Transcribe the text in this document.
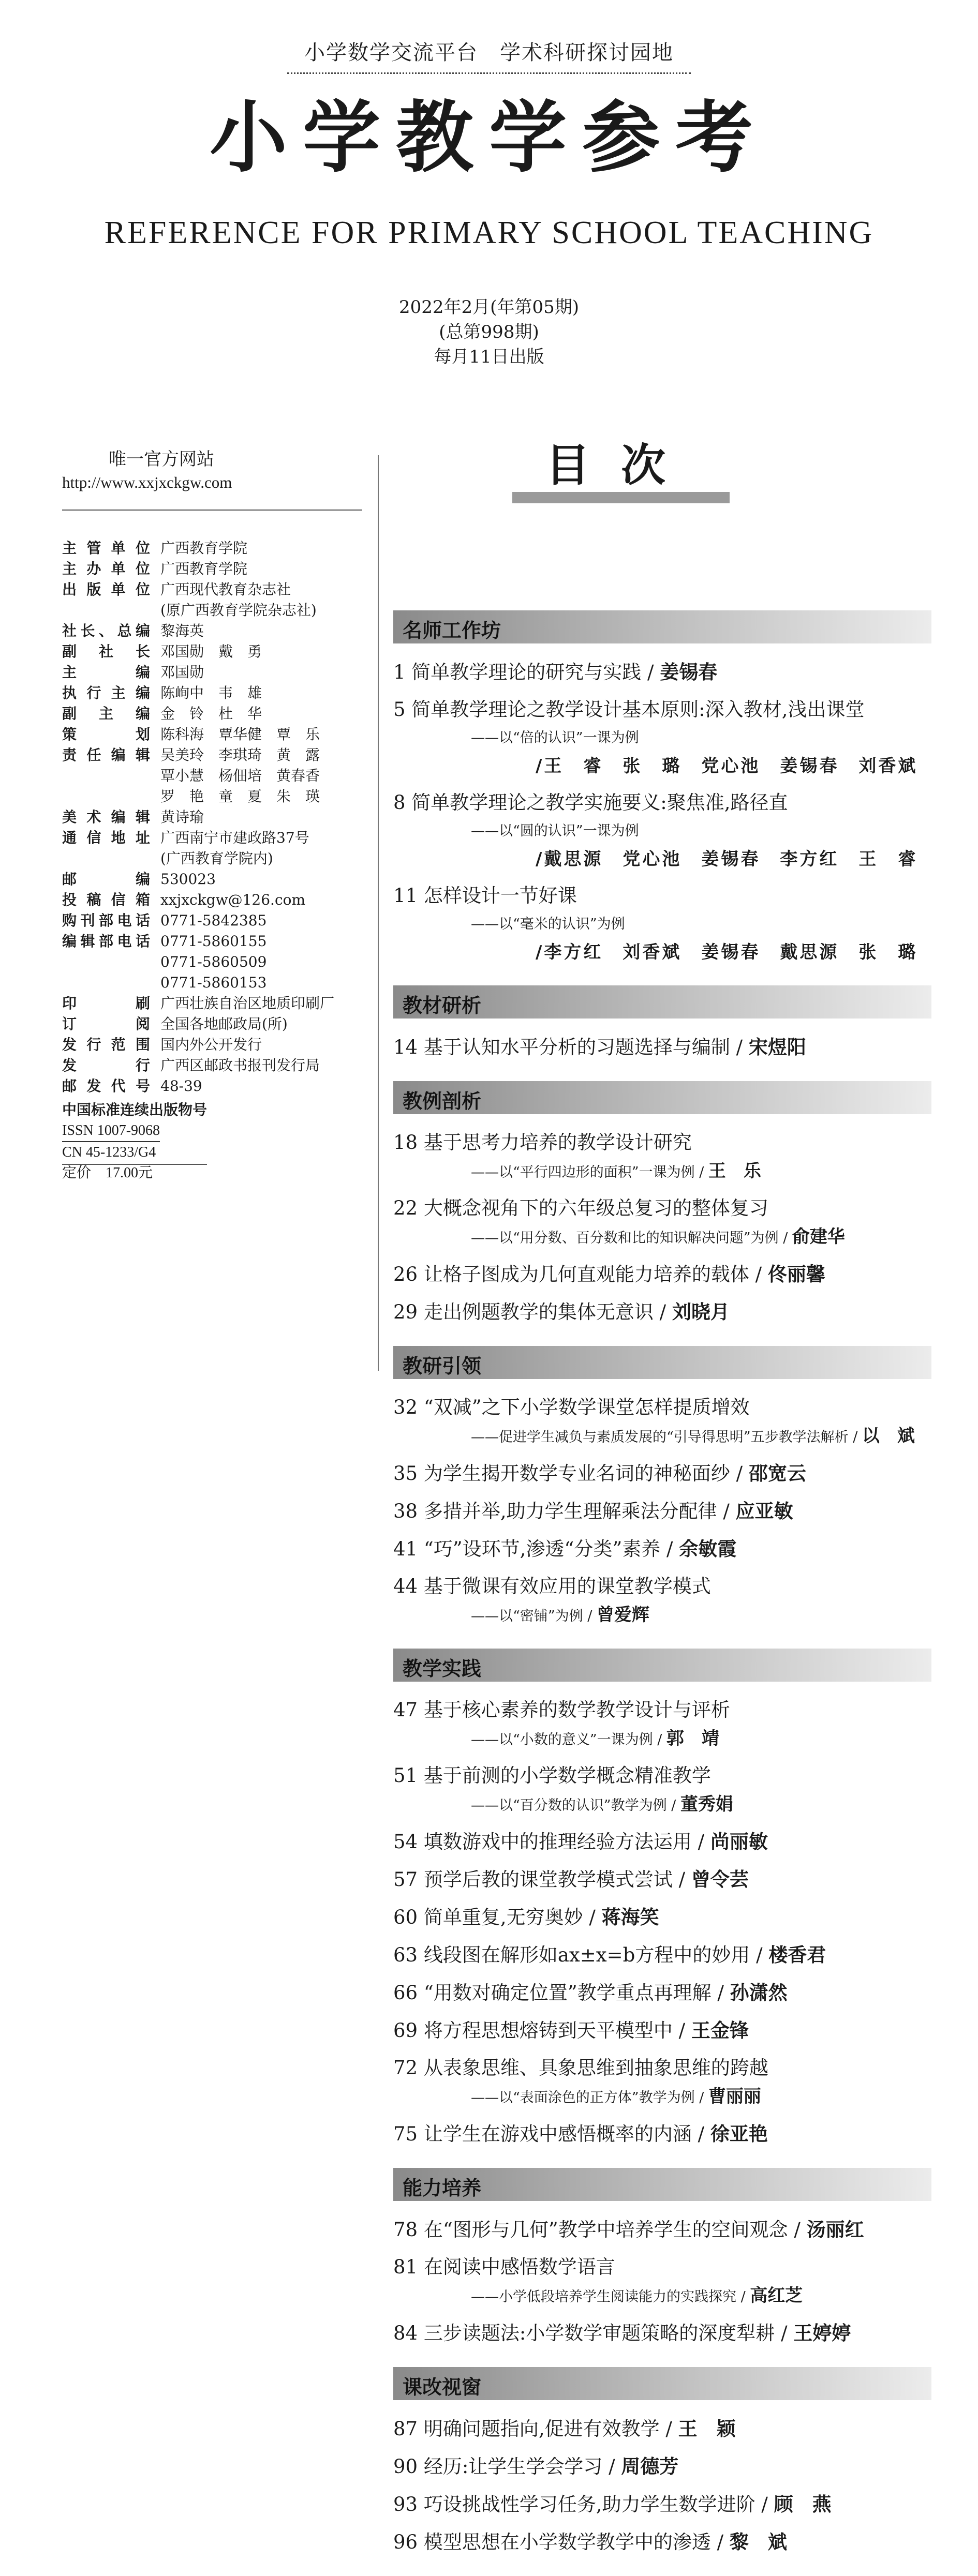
小学数学交流平台　学术科研探讨园地
小学教学参考
REFERENCE FOR PRIMARY SCHOOL TEACHING
2022年2月(年第05期)
(总第998期)
每月11日出版
唯一官方网站
http://www.xxjxckgw.com
主管单位 广西教育学院
主办单位 广西教育学院
出版单位 广西现代教育杂志社
(原广西教育学院杂志社)
社长、总编 黎海英
副社长 邓国勋　戴　勇
主编 邓国勋
执行主编 陈峋中　韦　雄
副主编 金　铃　杜　华
策划 陈科海　覃华健　覃　乐
责任编辑 吴美玲　李琪琦　黄　露
覃小慧　杨佃培　黄春香
罗　艳　童　夏　朱　瑛
美术编辑 黄诗瑜
通信地址 广西南宁市建政路37号
(广西教育学院内)
邮编 530023
投稿信箱 xxjxckgw@126.com
购刊部电话 0771-5842385
编辑部电话 0771-5860155
0771-5860509
0771-5860153
印刷 广西壮族自治区地质印刷厂
订阅 全国各地邮政局(所)
发行范围 国内外公开发行
发行 广西区邮政书报刊发行局
邮发代号 48-39
中国标准连续出版物号
ISSN 1007-9068
CN 45-1233/G4
定价　17.00元
目次
名师工作坊
1 简单教学理论的研究与实践 / 姜锡春
5 简单教学理论之教学设计基本原则:深入教材,浅出课堂
——以“倍的认识”一课为例
/王　睿　张　璐　党心池　姜锡春　刘香斌
8 简单教学理论之教学实施要义:聚焦准,路径直
——以“圆的认识”一课为例
/戴思源　党心池　姜锡春　李方红　王　睿
11 怎样设计一节好课
——以“毫米的认识”为例
/李方红　刘香斌　姜锡春　戴思源　张　璐
教材研析
14 基于认知水平分析的习题选择与编制 / 宋煜阳
教例剖析
18 基于思考力培养的教学设计研究
——以“平行四边形的面积”一课为例 / 王　乐
22 大概念视角下的六年级总复习的整体复习
——以“用分数、百分数和比的知识解决问题”为例 / 俞建华
26 让格子图成为几何直观能力培养的载体 / 佟丽馨
29 走出例题教学的集体无意识 / 刘晓月
教研引领
32 “双减”之下小学数学课堂怎样提质增效
——促进学生减负与素质发展的“引导得思明”五步教学法解析 / 以　斌
35 为学生揭开数学专业名词的神秘面纱 / 邵宽云
38 多措并举,助力学生理解乘法分配律 / 应亚敏
41 “巧”设环节,渗透“分类”素养 / 余敏霞
44 基于微课有效应用的课堂教学模式
——以“密铺”为例 / 曾爱辉
教学实践
47 基于核心素养的数学教学设计与评析
——以“小数的意义”一课为例 / 郭　靖
51 基于前测的小学数学概念精准教学
——以“百分数的认识”教学为例 / 董秀娟
54 填数游戏中的推理经验方法运用 / 尚丽敏
57 预学后教的课堂教学模式尝试 / 曾令芸
60 简单重复,无穷奥妙 / 蒋海笑
63 线段图在解形如ax±x=b方程中的妙用 / 楼香君
66 “用数对确定位置”教学重点再理解 / 孙潇然
69 将方程思想熔铸到天平模型中 / 王金锋
72 从表象思维、具象思维到抽象思维的跨越
——以“表面涂色的正方体”教学为例 / 曹丽丽
75 让学生在游戏中感悟概率的内涵 / 徐亚艳
能力培养
78 在“图形与几何”教学中培养学生的空间观念 / 汤丽红
81 在阅读中感悟数学语言
——小学低段培养学生阅读能力的实践探究 / 高红芝
84 三步读题法:小学数学审题策略的深度犁耕 / 王婷婷
课改视窗
87 明确问题指向,促进有效教学 / 王　颖
90 经历:让学生学会学习 / 周德芳
93 巧设挑战性学习任务,助力学生数学进阶 / 顾　燕
96 模型思想在小学数学教学中的渗透 / 黎　斌
